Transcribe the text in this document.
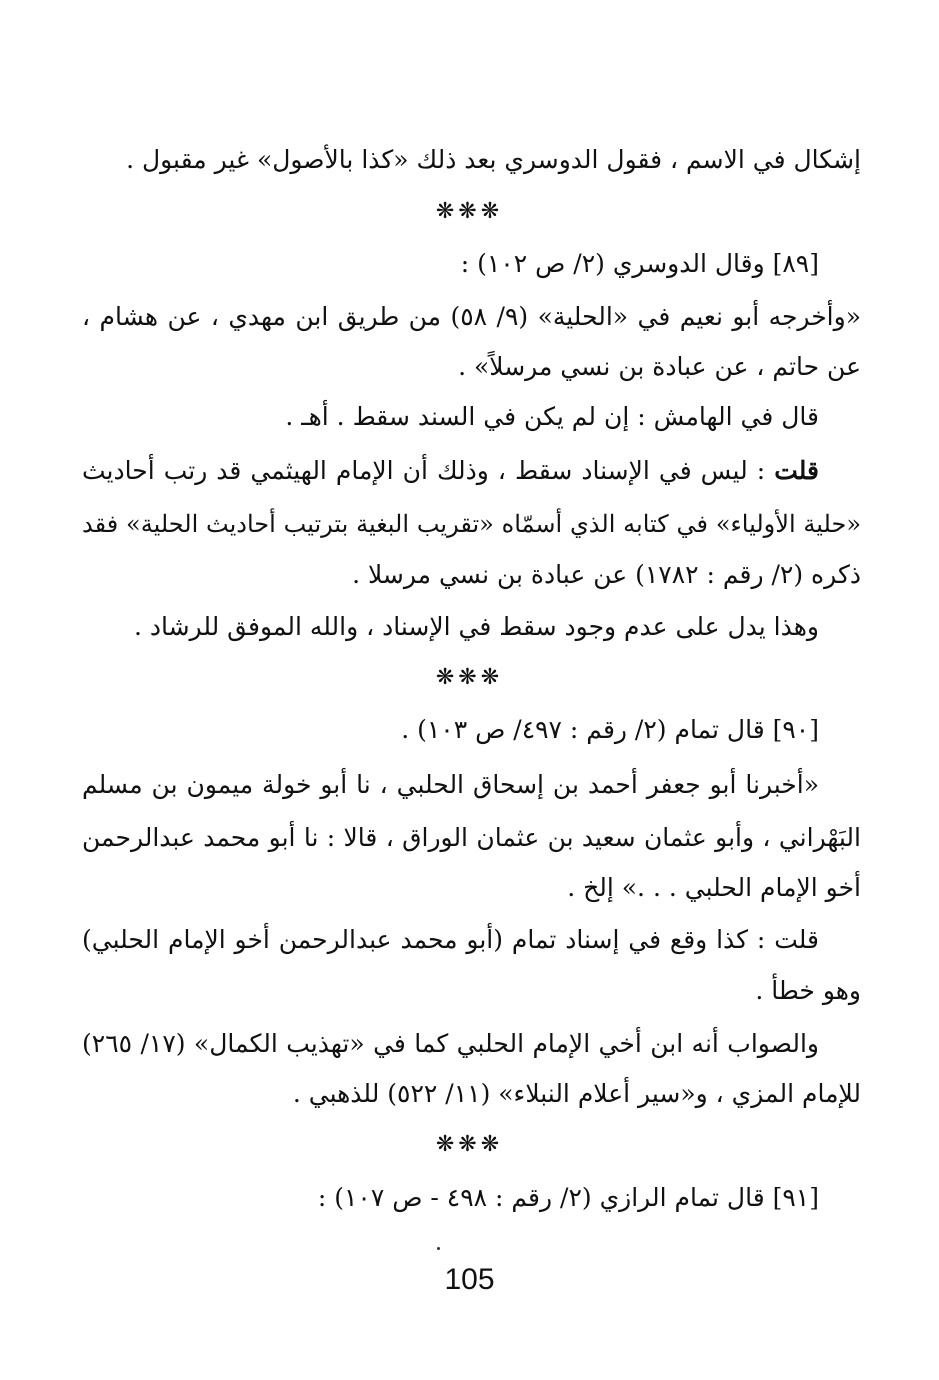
إشكال في الاسم ، فقول الدوسري بعد ذلك «كذا بالأصول» غير مقبول .
❋❋❋
[٨٩] وقال الدوسري (٢/ ص ١٠٢) :
«وأخرجه أبو نعيم في «الحلية» (٩/ ٥٨) من طريق ابن مهدي ، عن هشام ،
عن حاتم ، عن عبادة بن نسي مرسلاً» .
قال في الهامش : إن لم يكن في السند سقط . أهـ .
قلت : ليس في الإسناد سقط ، وذلك أن الإمام الهيثمي قد رتب أحاديث
«حلية الأولياء» في كتابه الذي أسمّاه «تقريب البغية بترتيب أحاديث الحلية» فقد
ذكره (٢/ رقم : ١٧٨٢) عن عبادة بن نسي مرسلا .
وهذا يدل على عدم وجود سقط في الإسناد ، والله الموفق للرشاد .
❋❋❋
[٩٠] قال تمام (٢/ رقم : ٤٩٧/ ص ١٠٣) .
«أخبرنا أبو جعفر أحمد بن إسحاق الحلبي ، نا أبو خولة ميمون بن مسلم
البَهْراني ، وأبو عثمان سعيد بن عثمان الوراق ، قالا : نا أبو محمد عبدالرحمن
أخو الإمام الحلبي . . .» إلخ .
قلت : كذا وقع في إسناد تمام (أبو محمد عبدالرحمن أخو الإمام الحلبي)
وهو خطأ .
والصواب أنه ابن أخي الإمام الحلبي كما في «تهذيب الكمال» (١٧/ ٢٦٥)
للإمام المزي ، و«سير أعلام النبلاء» (١١/ ٥٢٢) للذهبي .
❋❋❋
[٩١] قال تمام الرازي (٢/ رقم : ٤٩٨ - ص ١٠٧) :
105
